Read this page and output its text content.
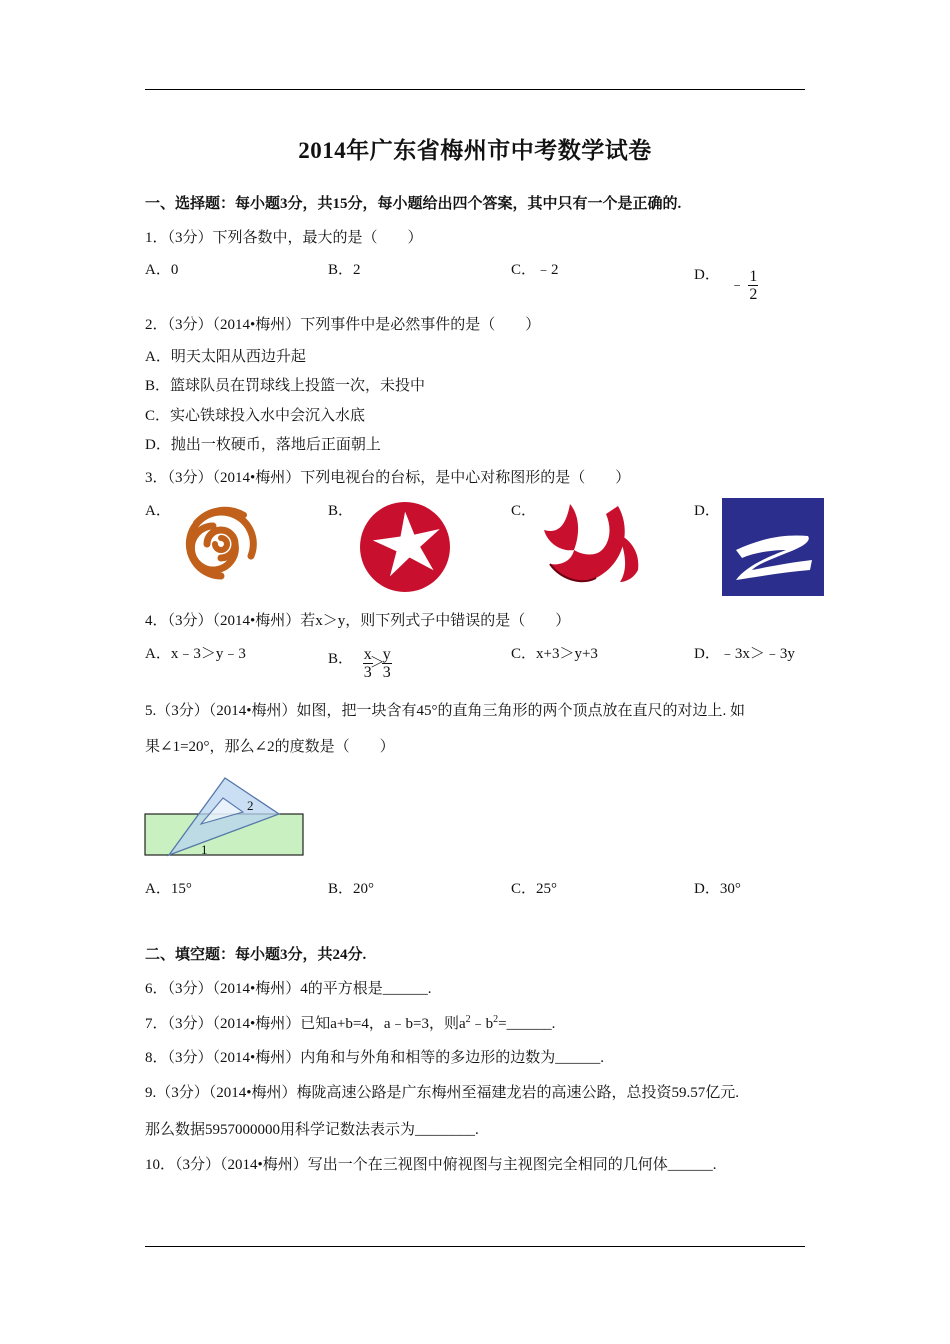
2014年广东省梅州市中考数学试卷
一、选择题：每小题3分，共15分，每小题给出四个答案，其中只有一个是正确的.
1．（3分）下列各数中，最大的是（　　）
A．0	B．2	C．﹣2	D． ﹣ $\frac{1}{2}$
2．（3分）（2014•梅州）下列事件中是必然事件的是（　　）
A．明天太阳从西边升起
B．篮球队员在罚球线上投篮一次，未投中
C．实心铁球投入水中会沉入水底
D．抛出一枚硬币，落地后正面朝上
3．（3分）（2014•梅州）下列电视台的台标，是中心对称图形的是（　　）
A．	B．	C．	D．
4．（3分）（2014•梅州）若x＞y，则下列式子中错误的是（　　）
A．x﹣3＞y﹣3	B． $\frac{x}{3}$
＞
$\frac{y}{3}$	C．x+3＞y+3	D．﹣3x＞﹣3y
5.（3分）（2014•梅州）如图，把一块含有45°的直角三角形的两个顶点放在直尺的对边上. 如
果∠1=20°，那么∠2的度数是（　　）
2
1
A．15°	B．20°	C．25°	D．30°
二、填空题：每小题3分，共24分.
6．（3分）（2014•梅州）4的平方根是______.
7．（3分）（2014•梅州）已知a+b=4，a﹣b=3，则$a^2﹣b^2=\_\_\_\_\_\_$.
8．（3分）（2014•梅州）内角和与外角和相等的多边形的边数为______.
9.（3分）（2014•梅州）梅陇高速公路是广东梅州至福建龙岩的高速公路，总投资59.57亿元.
那么数据5957000000用科学记数法表示为________.
10．（3分）（2014•梅州）写出一个在三视图中俯视图与主视图完全相同的几何体______.
